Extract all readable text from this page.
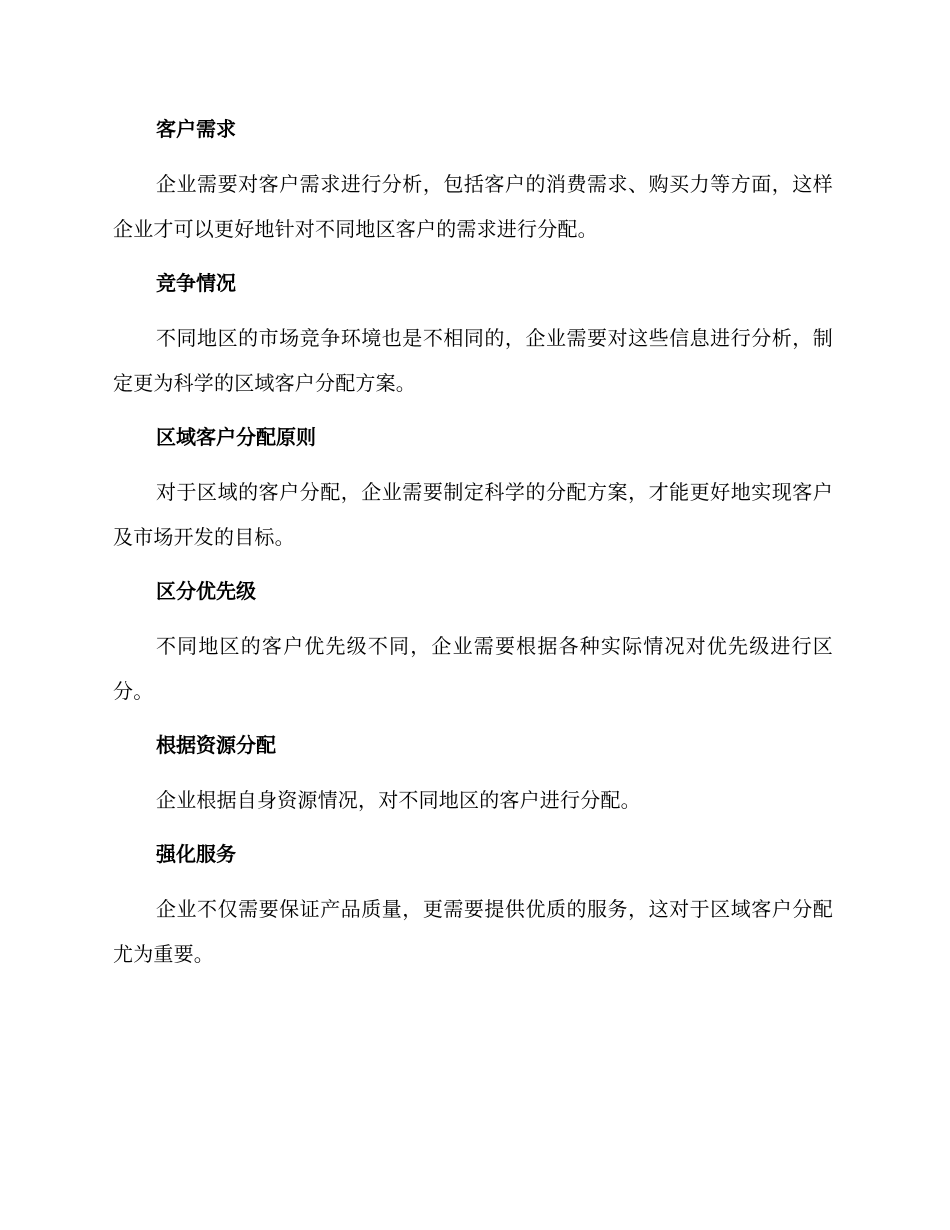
客户需求

企业需要对客户需求进行分析，包括客户的消费需求、购买力等方面，这样企业才可以更好地针对不同地区客户的需求进行分配。

竞争情况

不同地区的市场竞争环境也是不相同的，企业需要对这些信息进行分析，制定更为科学的区域客户分配方案。

区域客户分配原则

对于区域的客户分配，企业需要制定科学的分配方案，才能更好地实现客户及市场开发的目标。

区分优先级

不同地区的客户优先级不同，企业需要根据各种实际情况对优先级进行区分。

根据资源分配

企业根据自身资源情况，对不同地区的客户进行分配。

强化服务

企业不仅需要保证产品质量，更需要提供优质的服务，这对于区域客户分配尤为重要。
